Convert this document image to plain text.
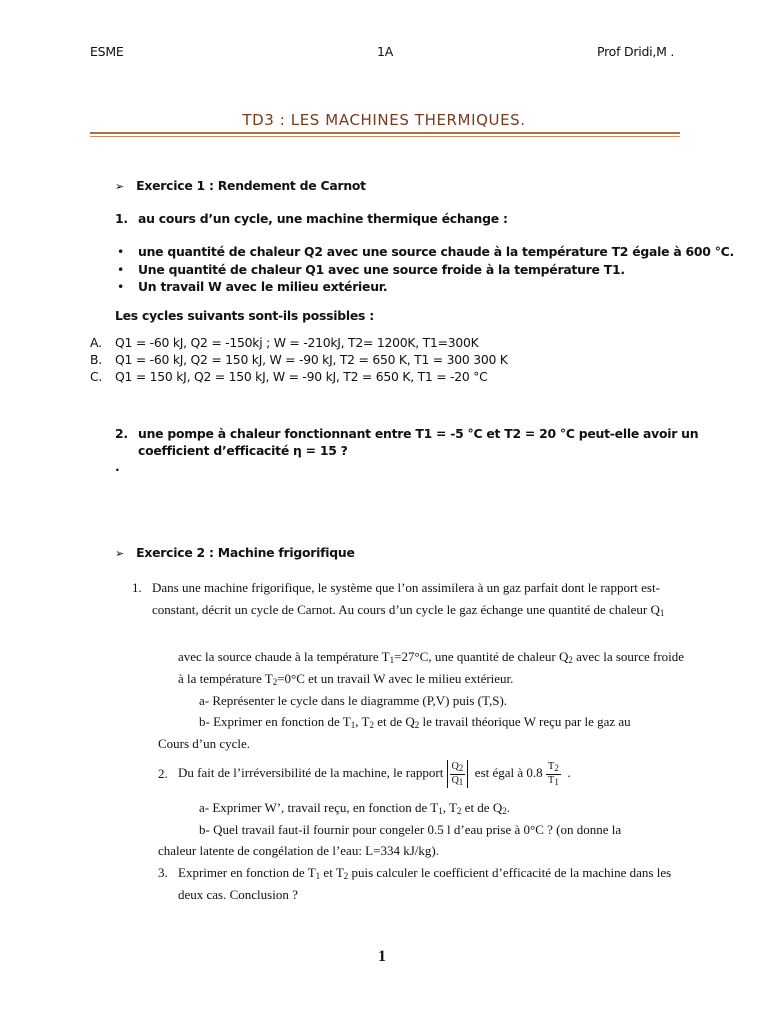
ESME	1A	Prof Dridi,M .
TD3 : LES MACHINES THERMIQUES.
➢ Exercice 1 : Rendement de Carnot
1. au cours d’un cycle, une machine thermique échange :
• une quantité de chaleur Q2 avec une source chaude à la température T2 égale à 600 °C.
• Une quantité de chaleur Q1 avec une source froide à la température T1.
• Un travail W avec le milieu extérieur.
Les cycles suivants sont-ils possibles :
A. Q1 = -60 kJ, Q2 = -150kj ; W = -210kJ, T2= 1200K, T1=300K
B. Q1 = -60 kJ, Q2 = 150 kJ, W = -90 kJ, T2 = 650 K, T1 = 300 300 K
C. Q1 = 150 kJ, Q2 = 150 kJ, W = -90 kJ, T2 = 650 K, T1 = -20 °C
2. une pompe à chaleur fonctionnant entre T1 = -5 °C et T2 = 20 °C peut-elle avoir un
coefficient d’efficacité η = 15 ?
.
➢ Exercice 2 : Machine frigorifique
1. Dans une machine frigorifique, le système que l’on assimilera à un gaz parfait dont le rapport est-
constant, décrit un cycle de Carnot. Au cours d’un cycle le gaz échange une quantité de chaleur $Q_1$
avec la source chaude à la température $T_1=27^\circ C$, une quantité de chaleur $Q_2$ avec la source froide
à la température $T_2=0^\circ C$ et un travail W avec le milieu extérieur.
a- Représenter le cycle dans le diagramme (P,V) puis (T,S).
b- Exprimer en fonction de $T_1$, $T_2$ et de $Q_2$ le travail théorique W reçu par le gaz au
Cours d’un cycle.
2. Du fait de l’irréversibilité de la machine, le rapport $\frac{Q_2}{Q_1}$ est égal à $0.8 \frac{T_2}{T_1}$ .
a- Exprimer W’, travail reçu, en fonction de $T_1$, $T_2$ et de $Q_2$.
b- Quel travail faut-il fournir pour congeler 0.5 l d’eau prise à 0°C ? (on donne la
chaleur latente de congélation de l’eau: L=334 kJ/kg).
3. Exprimer en fonction de $T_1$ et $T_2$ puis calculer le coefficient d’efficacité de la machine dans les
deux cas. Conclusion ?
1
